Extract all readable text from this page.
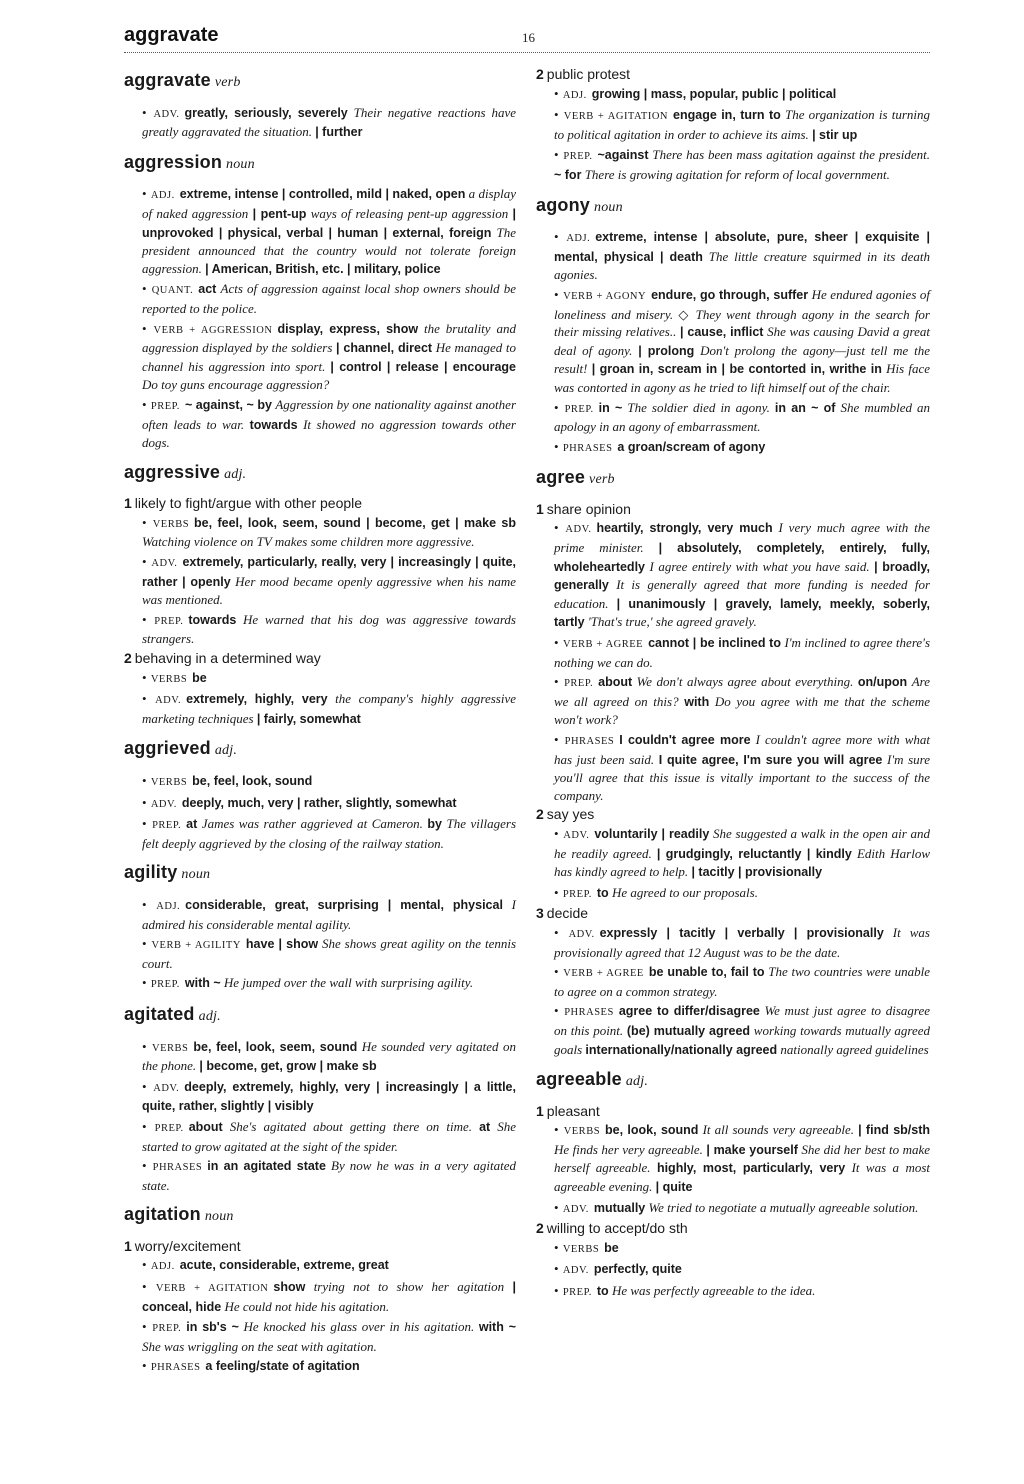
aggravate	16
aggravate verb
• ADV. greatly, seriously, severely Their negative reactions have greatly aggravated the situation. | further
aggression noun
• ADJ. extreme, intense | controlled, mild | naked, open a display of naked aggression | pent-up ways of releasing pent-up aggression | unprovoked | physical, verbal | human | external, foreign The president announced that the country would not tolerate foreign aggression. | American, British, etc. | military, police
• QUANT. act Acts of aggression against local shop owners should be reported to the police.
• VERB + AGGRESSION display, express, show the brutality and aggression displayed by the soldiers | channel, direct He managed to channel his aggression into sport. | control | release | encourage Do toy guns encourage aggression?
• PREP. ~ against, ~ by Aggression by one nationality against another often leads to war. towards It showed no aggression towards other dogs.
aggressive adj.
1 likely to fight/argue with other people
• VERBS be, feel, look, seem, sound | become, get | make sb Watching violence on TV makes some children more aggressive.
• ADV. extremely, particularly, really, very | increasingly | quite, rather | openly Her mood became openly aggressive when his name was mentioned.
• PREP. towards He warned that his dog was aggressive towards strangers.
2 behaving in a determined way
• VERBS be
• ADV. extremely, highly, very the company's highly aggressive marketing techniques | fairly, somewhat
aggrieved adj.
• VERBS be, feel, look, sound
• ADV. deeply, much, very | rather, slightly, somewhat
• PREP. at James was rather aggrieved at Cameron. by The villagers felt deeply aggrieved by the closing of the railway station.
agility noun
• ADJ. considerable, great, surprising | mental, physical I admired his considerable mental agility.
• VERB + AGILITY have | show She shows great agility on the tennis court.
• PREP. with ~ He jumped over the wall with surprising agility.
agitated adj.
• VERBS be, feel, look, seem, sound He sounded very agitated on the phone. | become, get, grow | make sb
• ADV. deeply, extremely, highly, very | increasingly | a little, quite, rather, slightly | visibly
• PREP. about She's agitated about getting there on time. at She started to grow agitated at the sight of the spider.
• PHRASES in an agitated state By now he was in a very agitated state.
agitation noun
1 worry/excitement
• ADJ. acute, considerable, extreme, great
• VERB + AGITATION show trying not to show her agitation | conceal, hide He could not hide his agitation.
• PREP. in sb's ~ He knocked his glass over in his agitation. with ~ She was wriggling on the seat with agitation.
• PHRASES a feeling/state of agitation
2 public protest
• ADJ. growing | mass, popular, public | political
• VERB + AGITATION engage in, turn to The organization is turning to political agitation in order to achieve its aims. | stir up
• PREP. ~against There has been mass agitation against the president. ~ for There is growing agitation for reform of local government.
agony noun
• ADJ. extreme, intense | absolute, pure, sheer | exquisite | mental, physical | death The little creature squirmed in its death agonies.
• VERB + AGONY endure, go through, suffer He endured agonies of loneliness and misery. ◇ They went through agony in the search for their missing relatives.. | cause, inflict She was causing David a great deal of agony. | prolong Don't prolong the agony—just tell me the result! | groan in, scream in | be contorted in, writhe in His face was contorted in agony as he tried to lift himself out of the chair.
• PREP. in ~ The soldier died in agony. in an ~ of She mumbled an apology in an agony of embarrassment.
• PHRASES a groan/scream of agony
agree verb
1 share opinion
• ADV. heartily, strongly, very much I very much agree with the prime minister. | absolutely, completely, entirely, fully, wholeheartedly I agree entirely with what you have said. | broadly, generally It is generally agreed that more funding is needed for education. | unanimously | gravely, lamely, meekly, soberly, tartly 'That's true,' she agreed gravely.
• VERB + AGREE cannot | be inclined to I'm inclined to agree there's nothing we can do.
• PREP. about We don't always agree about everything. on/upon Are we all agreed on this? with Do you agree with me that the scheme won't work?
• PHRASES I couldn't agree more I couldn't agree more with what has just been said. I quite agree, I'm sure you will agree I'm sure you'll agree that this issue is vitally important to the success of the company.
2 say yes
• ADV. voluntarily | readily She suggested a walk in the open air and he readily agreed. | grudgingly, reluctantly | kindly Edith Harlow has kindly agreed to help. | tacitly | provisionally
• PREP. to He agreed to our proposals.
3 decide
• ADV. expressly | tacitly | verbally | provisionally It was provisionally agreed that 12 August was to be the date.
• VERB + AGREE be unable to, fail to The two countries were unable to agree on a common strategy.
• PHRASES agree to differ/disagree We must just agree to disagree on this point. (be) mutually agreed working towards mutually agreed goals internationally/nationally agreed nationally agreed guidelines
agreeable adj.
1 pleasant
• VERBS be, look, sound It all sounds very agreeable. | find sb/sth He finds her very agreeable. | make yourself She did her best to make herself agreeable. highly, most, particularly, very It was a most agreeable evening. | quite
• ADV. mutually We tried to negotiate a mutually agreeable solution.
2 willing to accept/do sth
• VERBS be
• ADV. perfectly, quite
• PREP. to He was perfectly agreeable to the idea.
